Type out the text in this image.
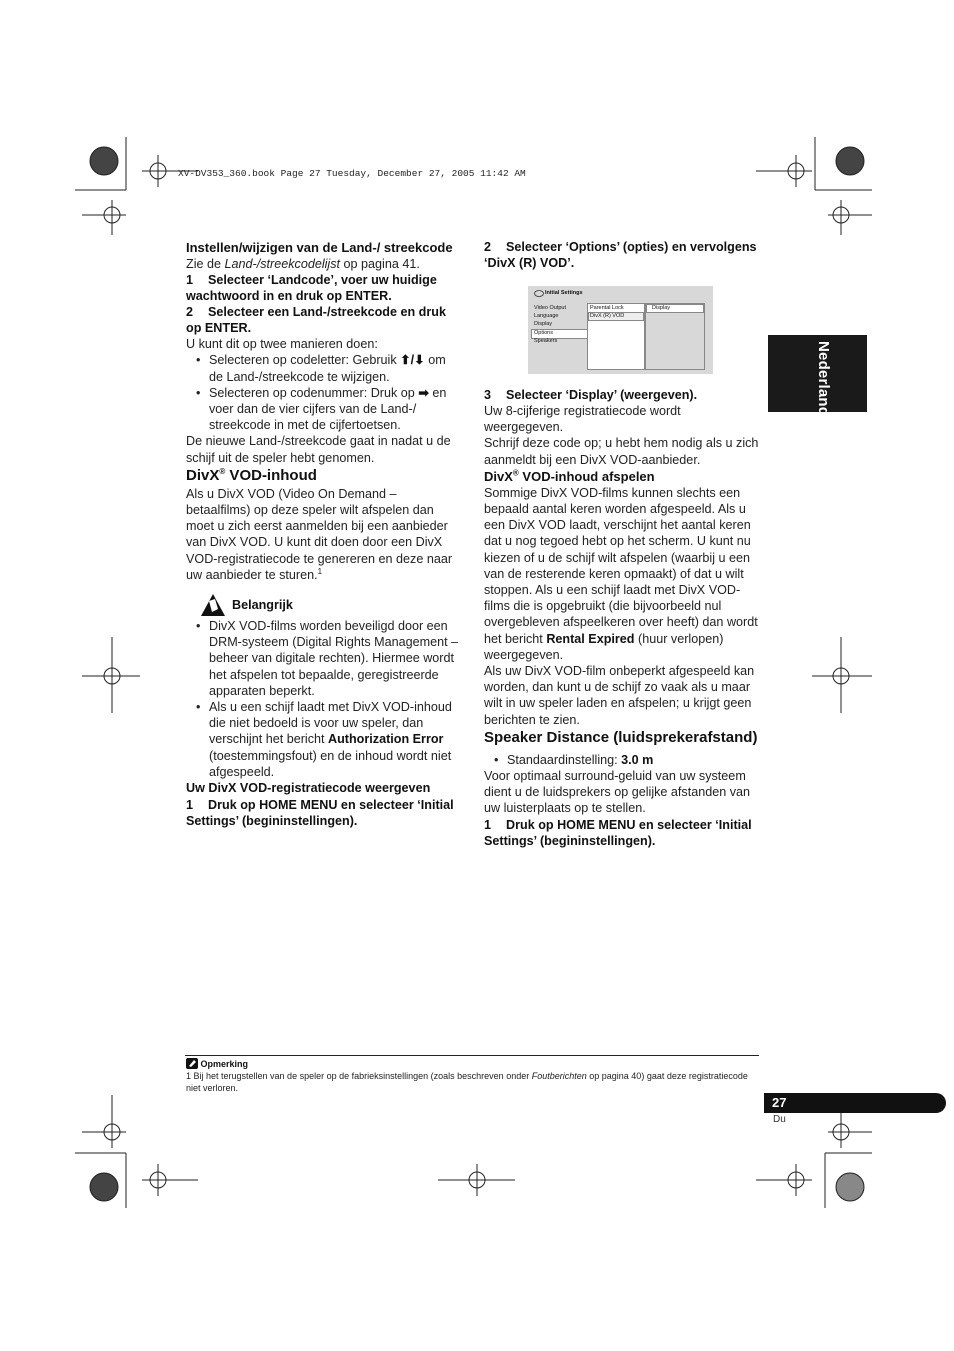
XV-DV353_360.book Page 27 Tuesday, December 27, 2005 11:42 AM
Nederlands

Instellen/wijzigen van de Land-/ streekcode

Zie de Land-/streekcodelijst op pagina 41.

1 Selecteer ‘Landcode’, voer uw huidige wachtwoord in en druk op ENTER.

2 Selecteer een Land-/streekcode en druk op ENTER.

U kunt dit op twee manieren doen:

• Selecteren op codeletter: Gebruik ⬆/⬇ om de Land-/streekcode te wijzigen.
• Selecteren op codenummer: Druk op ➡ en voer dan de vier cijfers van de Land-/ streekcode in met de cijfertoetsen.

De nieuwe Land-/streekcode gaat in nadat u de schijf uit de speler hebt genomen.

DivX® VOD-inhoud

Als u DivX VOD (Video On Demand – betaalfilms) op deze speler wilt afspelen dan moet u zich eerst aanmelden bij een aanbieder van DivX VOD. U kunt dit doen door een DivX VOD-registratiecode te genereren en deze naar uw aanbieder te sturen.$^1$

Belangrijk

• DivX VOD-films worden beveiligd door een DRM-systeem (Digital Rights Management – beheer van digitale rechten). Hiermee wordt het afspelen tot bepaalde, geregistreerde apparaten beperkt.
• Als u een schijf laadt met DivX VOD-inhoud die niet bedoeld is voor uw speler, dan verschijnt het bericht Authorization Error (toestemmingsfout) en de inhoud wordt niet afgespeeld.

Uw DivX VOD-registratiecode weergeven

1 Druk op HOME MENU en selecteer ‘Initial Settings’ (begininstellingen).

2 Selecteer ‘Options’ (opties) en vervolgens ‘DivX (R) VOD’.

Initial Settings
Video Output
Language
Display
Options
Speakers
Parental Lock
DivX (R) VOD
Display

3 Selecteer ‘Display’ (weergeven).

Uw 8-cijferige registratiecode wordt weergegeven.

Schrijf deze code op; u hebt hem nodig als u zich aanmeldt bij een DivX VOD-aanbieder.

DivX® VOD-inhoud afspelen

Sommige DivX VOD-films kunnen slechts een bepaald aantal keren worden afgespeeld. Als u een DivX VOD laadt, verschijnt het aantal keren dat u nog tegoed hebt op het scherm. U kunt nu kiezen of u de schijf wilt afspelen (waarbij u een van de resterende keren opmaakt) of dat u wilt stoppen. Als u een schijf laadt met DivX VOD-films die is opgebruikt (die bijvoorbeeld nul overgebleven afspeelkeren over heeft) dan wordt het bericht Rental Expired (huur verlopen) weergegeven.

Als uw DivX VOD-film onbeperkt afgespeeld kan worden, dan kunt u de schijf zo vaak als u maar wilt in uw speler laden en afspelen; u krijgt geen berichten te zien.

Speaker Distance (luidsprekerafstand)

• Standaardinstelling: 3.0 m

Voor optimaal surround-geluid van uw systeem dient u de luidsprekers op gelijke afstanden van uw luisterplaats op te stellen.

1 Druk op HOME MENU en selecteer ‘Initial Settings’ (begininstellingen).

Opmerking
1 Bij het terugstellen van de speler op de fabrieksinstellingen (zoals beschreven onder Foutberichten op pagina 40) gaat deze registratiecode niet verloren.
27
Du
